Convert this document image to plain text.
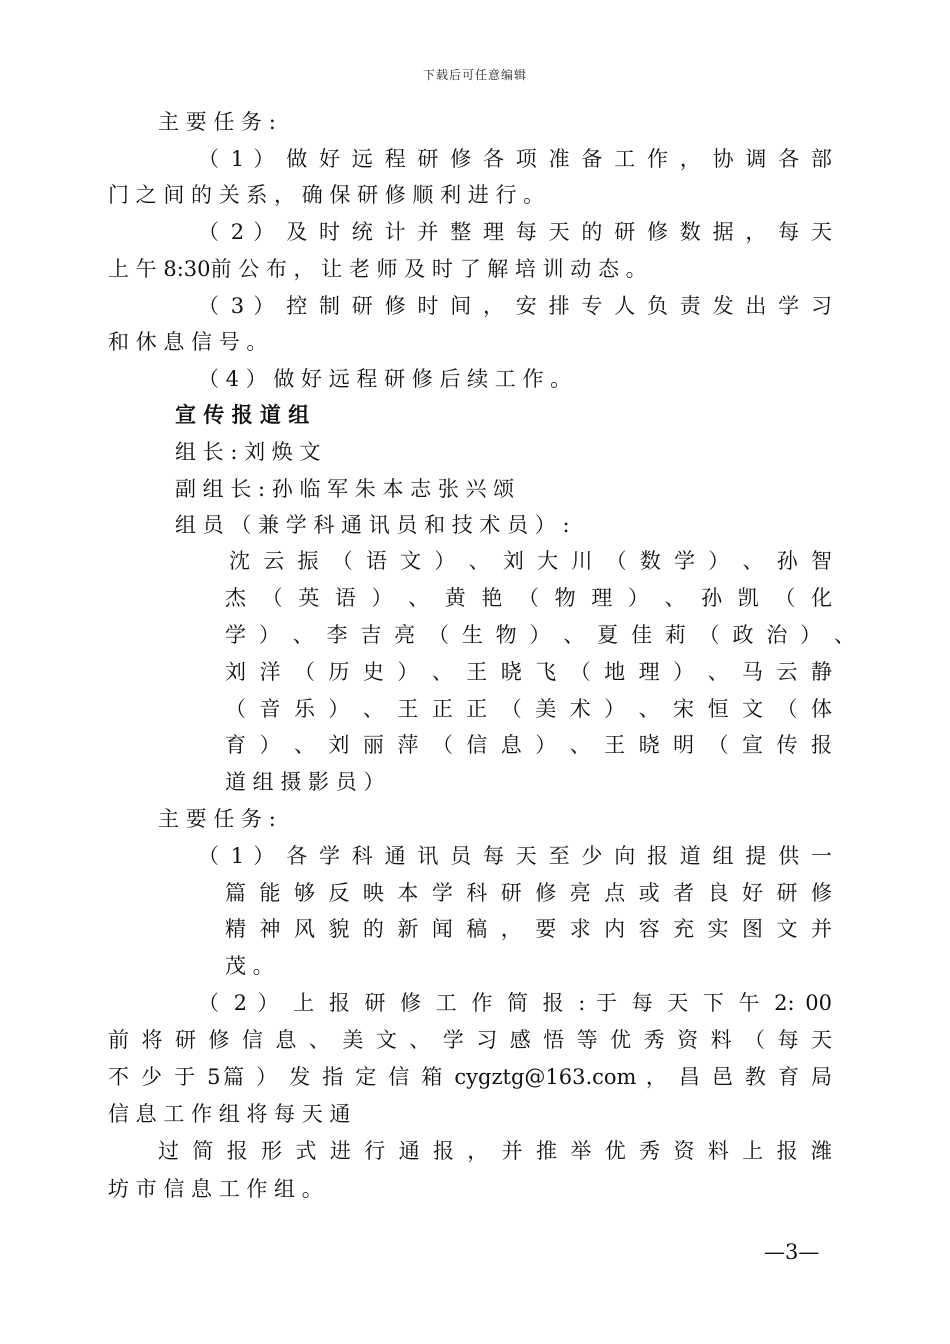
下载后可任意编辑
主 要 任 务 :
（ 1 ） 做 好 远 程 研 修 各 项 准 备 工 作 ， 协 调 各 部
门 之 间 的 关 系 ， 确 保 研 修 顺 利 进 行 。
（ 2 ） 及 时 统 计 并 整 理 每 天 的 研 修 数 据 ， 每 天
上 午 8:30前 公 布 ， 让 老 师 及 时 了 解 培 训 动 态 。
（ 3 ） 控 制 研 修 时 间 ， 安 排 专 人 负 责 发 出 学 习
和 休 息 信 号 。
（ 4 ） 做 好 远 程 研 修 后 续 工 作 。
宣 传 报 道 组
组 长 : 刘 焕 文
副 组 长 : 孙 临 军 朱 本 志 张 兴 颂
组 员 （ 兼 学 科 通 讯 员 和 技 术 员 ） :
沈 云 振 （ 语 文 ） 、 刘 大 川 （ 数 学 ） 、 孙 智
杰 （ 英 语 ） 、 黄 艳 （ 物 理 ） 、 孙 凯 （ 化
学 ） 、 李 吉 亮 （ 生 物 ） 、 夏 佳 莉 （ 政 治 ） 、
刘 洋 （ 历 史 ） 、 王 晓 飞 （ 地 理 ） 、 马 云 静
（ 音 乐 ） 、 王 正 正 （ 美 术 ） 、 宋 恒 文 （ 体
育 ） 、 刘 丽 萍 （ 信 息 ） 、 王 晓 明 （ 宣 传 报
道 组 摄 影 员 ）
主 要 任 务 :
（ 1 ） 各 学 科 通 讯 员 每 天 至 少 向 报 道 组 提 供 一
篇 能 够 反 映 本 学 科 研 修 亮 点 或 者 良 好 研 修
精 神 风 貌 的 新 闻 稿 ， 要 求 内 容 充 实 图 文 并
茂 。
（ 2 ） 上 报 研 修 工 作 简 报 : 于 每 天 下 午 2: 00
前 将 研 修 信 息 、 美 文 、 学 习 感 悟 等 优 秀 资 料 （ 每 天
不 少 于 5篇 ） 发 指 定 信 箱 cygztg@163.com ， 昌 邑 教 育 局
信 息 工 作 组 将 每 天 通
过 简 报 形 式 进 行 通 报 ， 并 推 举 优 秀 资 料 上 报 潍
坊 市 信 息 工 作 组 。
—3—
